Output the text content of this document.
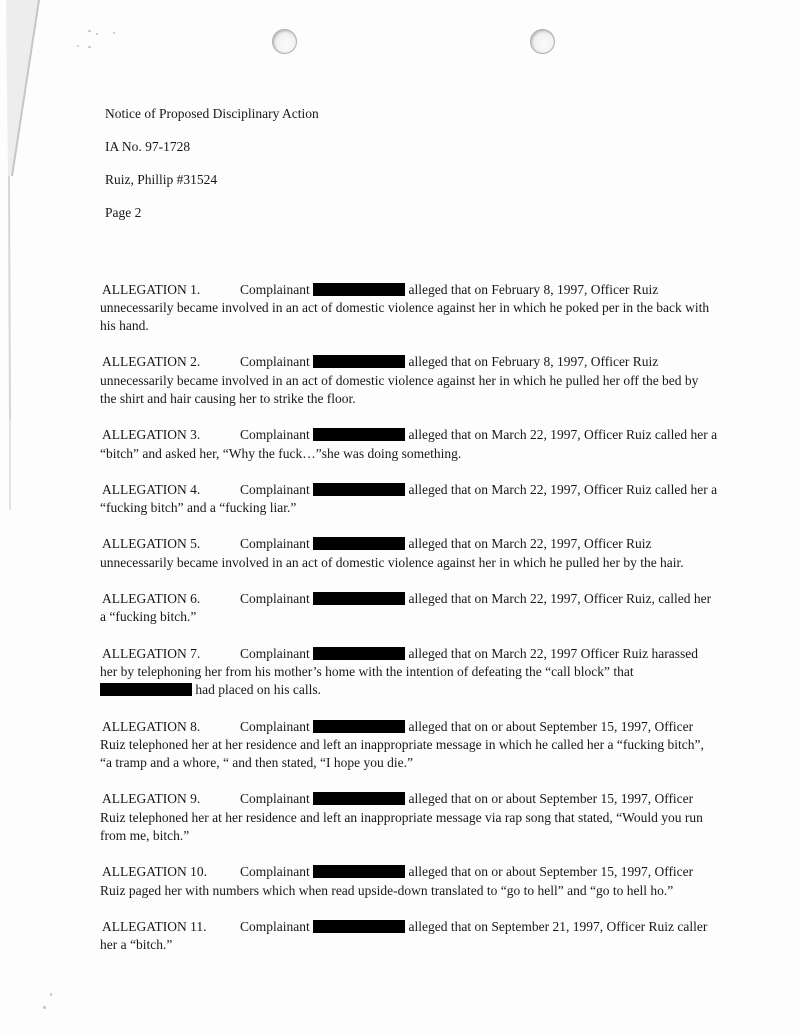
Notice of Proposed Disciplinary Action

IA No. 97-1728

Ruiz, Phillip #31524

Page 2

ALLEGATION 1.	Complainant	alleged that on February 8, 1997, Officer Ruiz unnecessarily became involved in an act of domestic violence against her in which he poked per in the back with his hand.

ALLEGATION 2.	Complainant	alleged that on February 8, 1997, Officer Ruiz unnecessarily became involved in an act of domestic violence against her in which he pulled her off the bed by the shirt and hair causing her to strike the floor.

ALLEGATION 3.	Complainant	alleged that on March 22, 1997, Officer Ruiz called her a “bitch” and asked her, “Why the fuck…”she was doing something.

ALLEGATION 4.	Complainant	alleged that on March 22, 1997, Officer Ruiz called her a “fucking bitch” and a “fucking liar.”

ALLEGATION 5.	Complainant	alleged that on March 22, 1997, Officer Ruiz unnecessarily became involved in an act of domestic violence against her in which he pulled her by the hair.

ALLEGATION 6.	Complainant	alleged that on March 22, 1997, Officer Ruiz, called her a “fucking bitch.”

ALLEGATION 7.	Complainant	alleged that on March 22, 1997 Officer Ruiz harassed her by telephoning her from his mother’s home with the intention of defeating the “call block” that  had placed on his calls.

ALLEGATION 8.	Complainant	alleged that on or about September 15, 1997, Officer Ruiz telephoned her at her residence and left an inappropriate message in which he called her a “fucking bitch”, “a tramp and a whore, “ and then stated, “I hope you die.”

ALLEGATION 9.	Complainant	alleged that on or about September 15, 1997, Officer Ruiz telephoned her at her residence and left an inappropriate message via rap song that stated, “Would you run from me, bitch.”

ALLEGATION 10. Complainant	alleged that on or about September 15, 1997, Officer Ruiz paged her with numbers which when read upside-down translated to “go to hell” and “go to hell ho.”

ALLEGATION 11. Complainant	alleged that on September 21, 1997, Officer Ruiz caller her a “bitch.”
